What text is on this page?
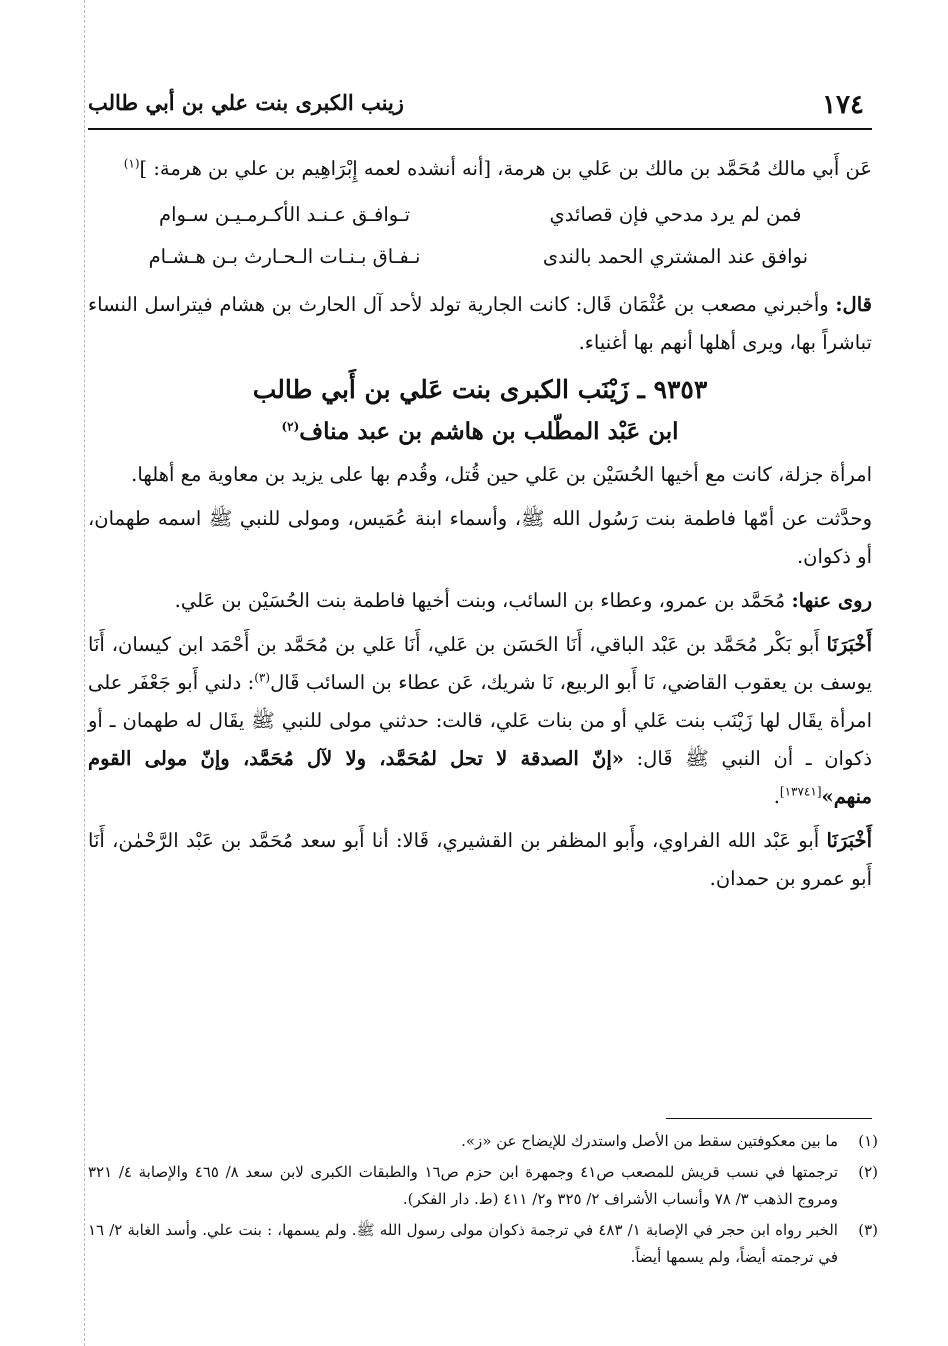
١٧٤
زينب الكبرى بنت علي بن أبي طالب

عَن أَبي مالك مُحَمَّد بن مالك بن عَلي بن هرمة، [أنه أنشده لعمه إِبْرَاهِيم بن علي بن هرمة: ]$^{(١)}$

فمن لم يرد مدحي فإن قصائدي
تـوافـق عـنـد الأكـرمـيـن سـوام
نوافق عند المشتري الحمد بالندى
نـفـاق بـنـات الـحـارث بـن هـشـام

قال: وأخبرني مصعب بن عُثْمَان قَال: كانت الجارية تولد لأحد آل الحارث بن هشام فيتراسل النساء تباشراً بها، ويرى أهلها أنهم بها أغنياء.

٩٣٥٣ ـ زَيْنَب الكبرى بنت عَلي بن أَبي طالب
ابن عَبْد المطّلب بن هاشم بن عبد مناف$^{(٢)}$

امرأة جزلة، كانت مع أخيها الحُسَيْن بن عَلي حين قُتل، وقُدم بها على يزيد بن معاوية مع أهلها.

وحدَّثت عن أمّها فاطمة بنت رَسُول الله ﷺ، وأسماء ابنة عُمَيس، ومولى للنبي ﷺ اسمه طهمان، أو ذكوان.

روى عنها: مُحَمَّد بن عمرو، وعطاء بن السائب، وبنت أخيها فاطمة بنت الحُسَيْن بن عَلي.

أَخْبَرَنَا أَبو بَكْر مُحَمَّد بن عَبْد الباقي، أَنَا الحَسَن بن عَلي، أَنَا عَلي بن مُحَمَّد بن أَحْمَد ابن كيسان، أَنَا يوسف بن يعقوب القاضي، نَا أَبو الربيع، نَا شريك، عَن عطاء بن السائب قَال$^{(٣)}$: دلني أَبو جَعْفَر على امرأة يقَال لها زَيْنَب بنت عَلي أو من بنات عَلي، قالت: حدثني مولى للنبي ﷺ يقَال له طهمان ـ أو ذكوان ـ أن النبي ﷺ قَال: «إنّ الصدقة لا تحل لمُحَمَّد، ولا لآل مُحَمَّد، وإنّ مولى القوم منهم»[١٣٧٤١].

أَخْبَرَنَا أَبو عَبْد الله الفراوي، وأَبو المظفر بن القشيري، قَالا: أنا أَبو سعد مُحَمَّد بن عَبْد الرَّحْمٰن، أَنَا أَبو عمرو بن حمدان.

(١)
ما بين معكوفتين سقط من الأصل واستدرك للإيضاح عن «ز».
(٢)
ترجمتها في نسب قريش للمصعب ص٤١ وجمهرة ابن حزم ص١٦ والطبقات الكبرى لابن سعد ٨/ ٤٦٥ والإصابة ٤/ ٣٢١ ومروج الذهب ٣/ ٧٨ وأنساب الأشراف ٢/ ٣٢٥ و٢/ ٤١١ (ط. دار الفكر).
(٣)
الخبر رواه ابن حجر في الإصابة ١/ ٤٨٣ في ترجمة ذكوان مولى رسول الله ﷺ. ولم يسمها، : بنت علي. وأسد الغابة ٢/ ١٦ في ترجمته أيضاً، ولم يسمها أيضاً.
